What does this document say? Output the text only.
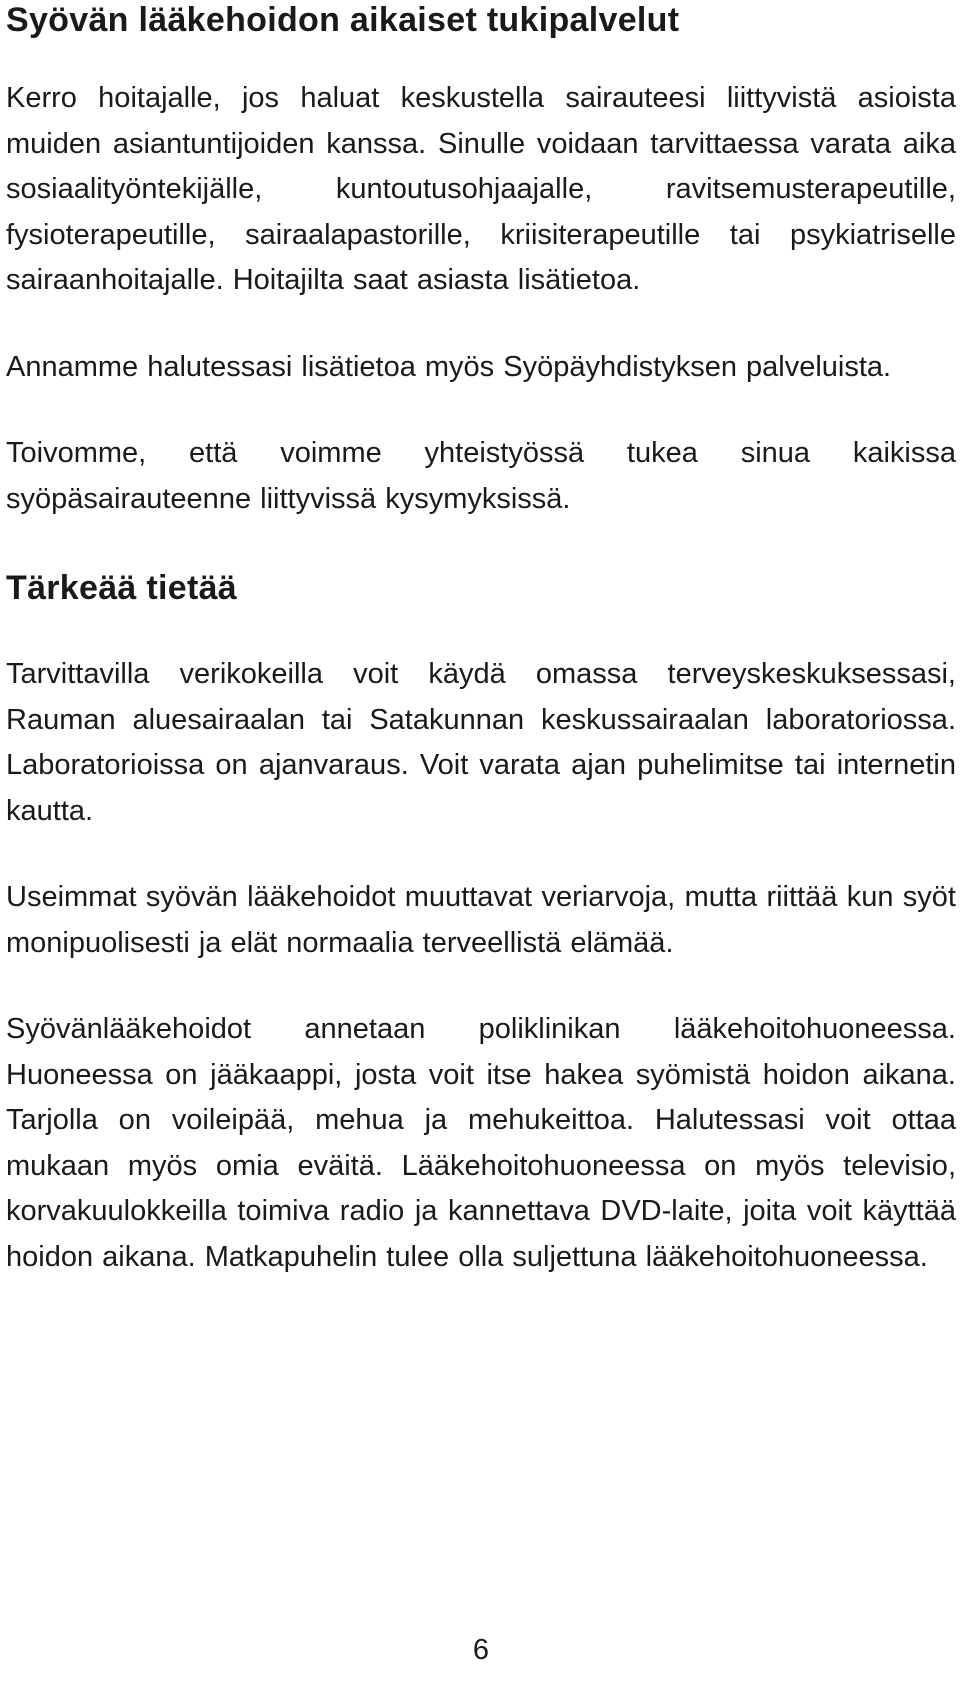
Syövän lääkehoidon aikaiset tukipalvelut

Kerro hoitajalle, jos haluat keskustella sairauteesi liittyvistä asioista muiden asiantuntijoiden kanssa. Sinulle voidaan tarvittaessa varata aika sosiaalityöntekijälle, kuntoutusohjaajalle, ravitsemusterapeutille, fysioterapeutille, sairaalapastorille, kriisiterapeutille tai psykiatriselle sairaanhoitajalle. Hoitajilta saat asiasta lisätietoa.

Annamme halutessasi lisätietoa myös Syöpäyhdistyksen palveluista.

Toivomme, että voimme yhteistyössä tukea sinua kaikissa syöpäsairauteenne liittyvissä kysymyksissä.

Tärkeää tietää

Tarvittavilla verikokeilla voit käydä omassa terveyskeskuksessasi, Rauman aluesairaalan tai Satakunnan keskussairaalan laboratoriossa. Laboratorioissa on ajanvaraus. Voit varata ajan puhelimitse tai internetin kautta.

Useimmat syövän lääkehoidot muuttavat veriarvoja, mutta riittää kun syöt monipuolisesti ja elät normaalia terveellistä elämää.

Syövänlääkehoidot annetaan poliklinikan lääkehoitohuoneessa. Huoneessa on jääkaappi, josta voit itse hakea syömistä hoidon aikana. Tarjolla on voileipää, mehua ja mehukeittoa. Halutessasi voit ottaa mukaan myös omia eväitä. Lääkehoitohuoneessa on myös televisio, korvakuulokkeilla toimiva radio ja kannettava DVD-laite, joita voit käyttää hoidon aikana. Matkapuhelin tulee olla suljettuna lääkehoitohuoneessa.

6
